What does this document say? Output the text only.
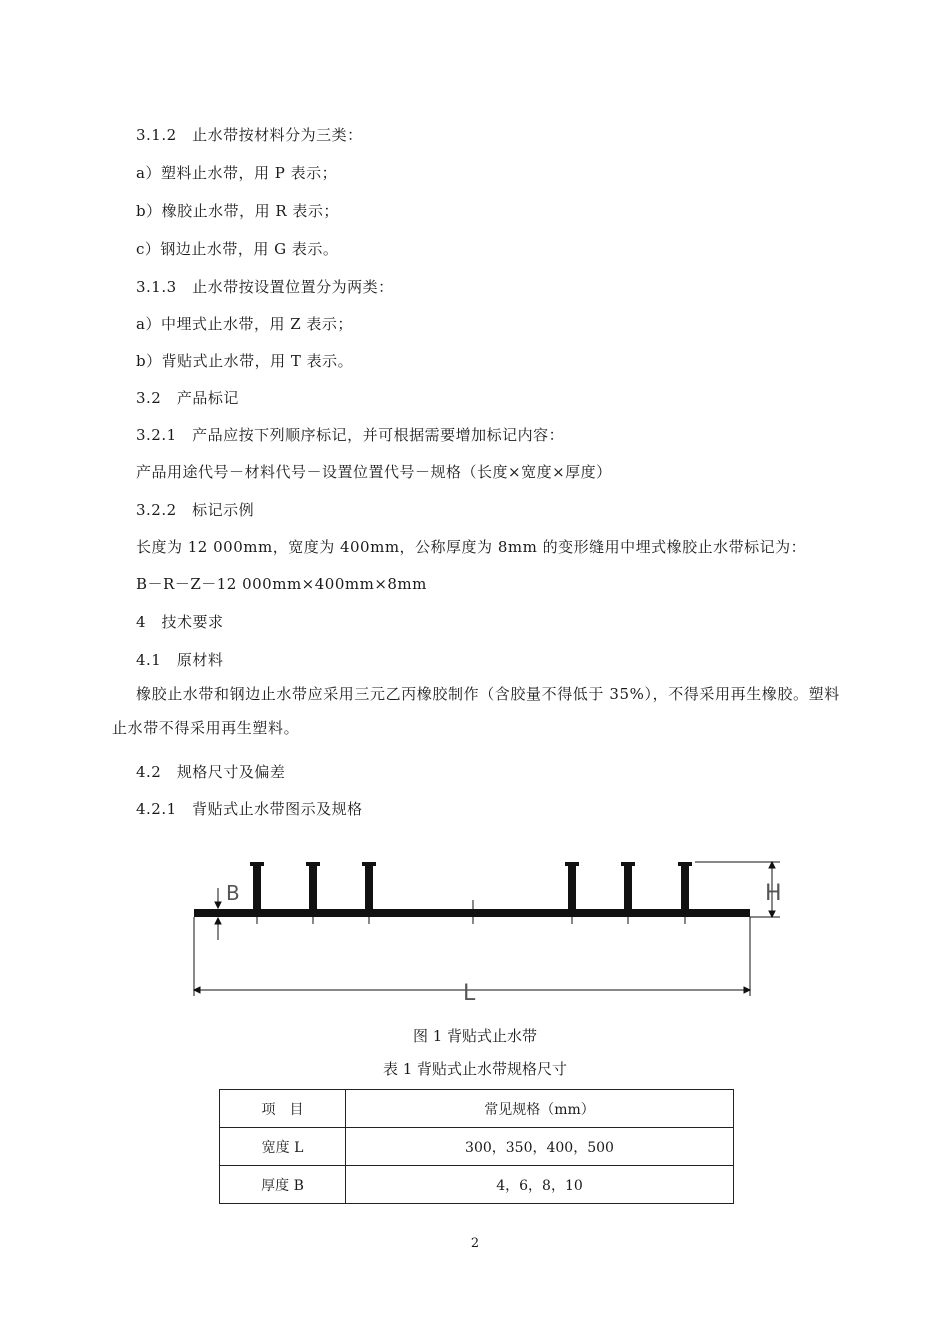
3.1.2　止水带按材料分为三类：
a）塑料止水带，用 P 表示；
b）橡胶止水带，用 R 表示；
c）钢边止水带，用 G 表示。
3.1.3　止水带按设置位置分为两类：
a）中埋式止水带，用 Z 表示；
b）背贴式止水带，用 T 表示。
3.2　产品标记
3.2.1　产品应按下列顺序标记，并可根据需要增加标记内容：
产品用途代号－材料代号－设置位置代号－规格（长度×宽度×厚度）
3.2.2　标记示例
长度为 12 000mm，宽度为 400mm，公称厚度为 8mm 的变形缝用中埋式橡胶止水带标记为：
B－R－Z－12 000mm×400mm×8mm
4　技术要求
4.1　原材料
橡胶止水带和钢边止水带应采用三元乙丙橡胶制作（含胶量不得低于 35%），不得采用再生橡胶。塑料止水带不得采用再生塑料。
4.2　规格尺寸及偏差
4.2.1　背贴式止水带图示及规格
B	H
L
图 1 背贴式止水带
表 1 背贴式止水带规格尺寸
项　目	常见规格（mm）
宽度 L	300，350，400，500
厚度 B	4，6，8，10
2
